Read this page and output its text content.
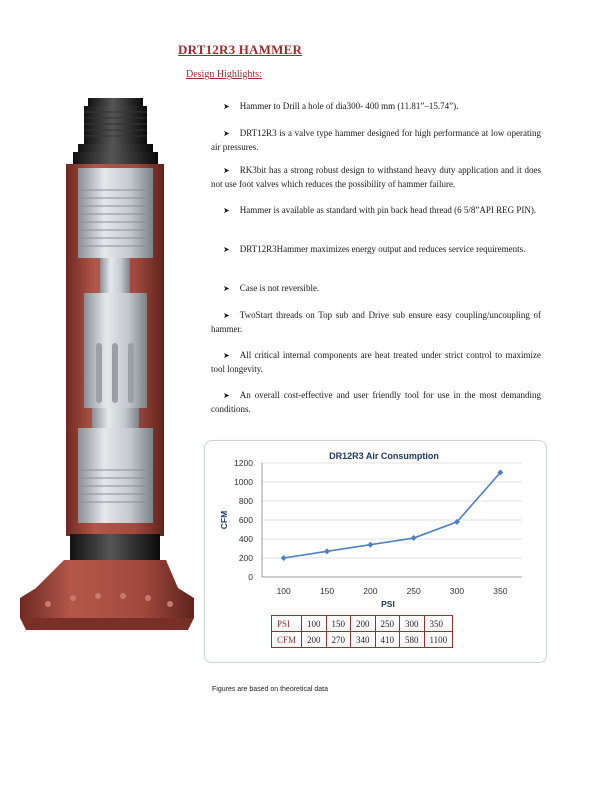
DRT12R3 HAMMER
Design Highlights:
➤ Hammer to Drill a hole of dia300- 400 mm (11.81”–15.74”).
➤ DRT12R3 is a valve type hammer designed for high performance at low operating air pressures.
➤ RK3bit has a strong robust design to withstand heavy duty application and it does not use foot valves which reduces the possibility of hammer failure.
➤ Hammer is available as standard with pin back head thread (6 5/8”API REG PIN).
➤ DRT12R3Hammer maximizes energy output and reduces service requirements.
➤ Case is not reversible.
➤ TwoStart threads on Top sub and Drive sub ensure easy coupling/uncoupling of hammer.
➤ All critical internal components are heat treated under strict control to maximize tool longevity.
➤ An overall cost-effective and user friendly tool for use in the most demanding conditions.
DR12R3 Air Consumption
0
200
400
600
800
1000
1200
100	150	200	250	300	350
PSI
CFM
PSI	100	150	200	250	300	350
CFM	200	270	340	410	580	1100
Figures are based on theoretical data
